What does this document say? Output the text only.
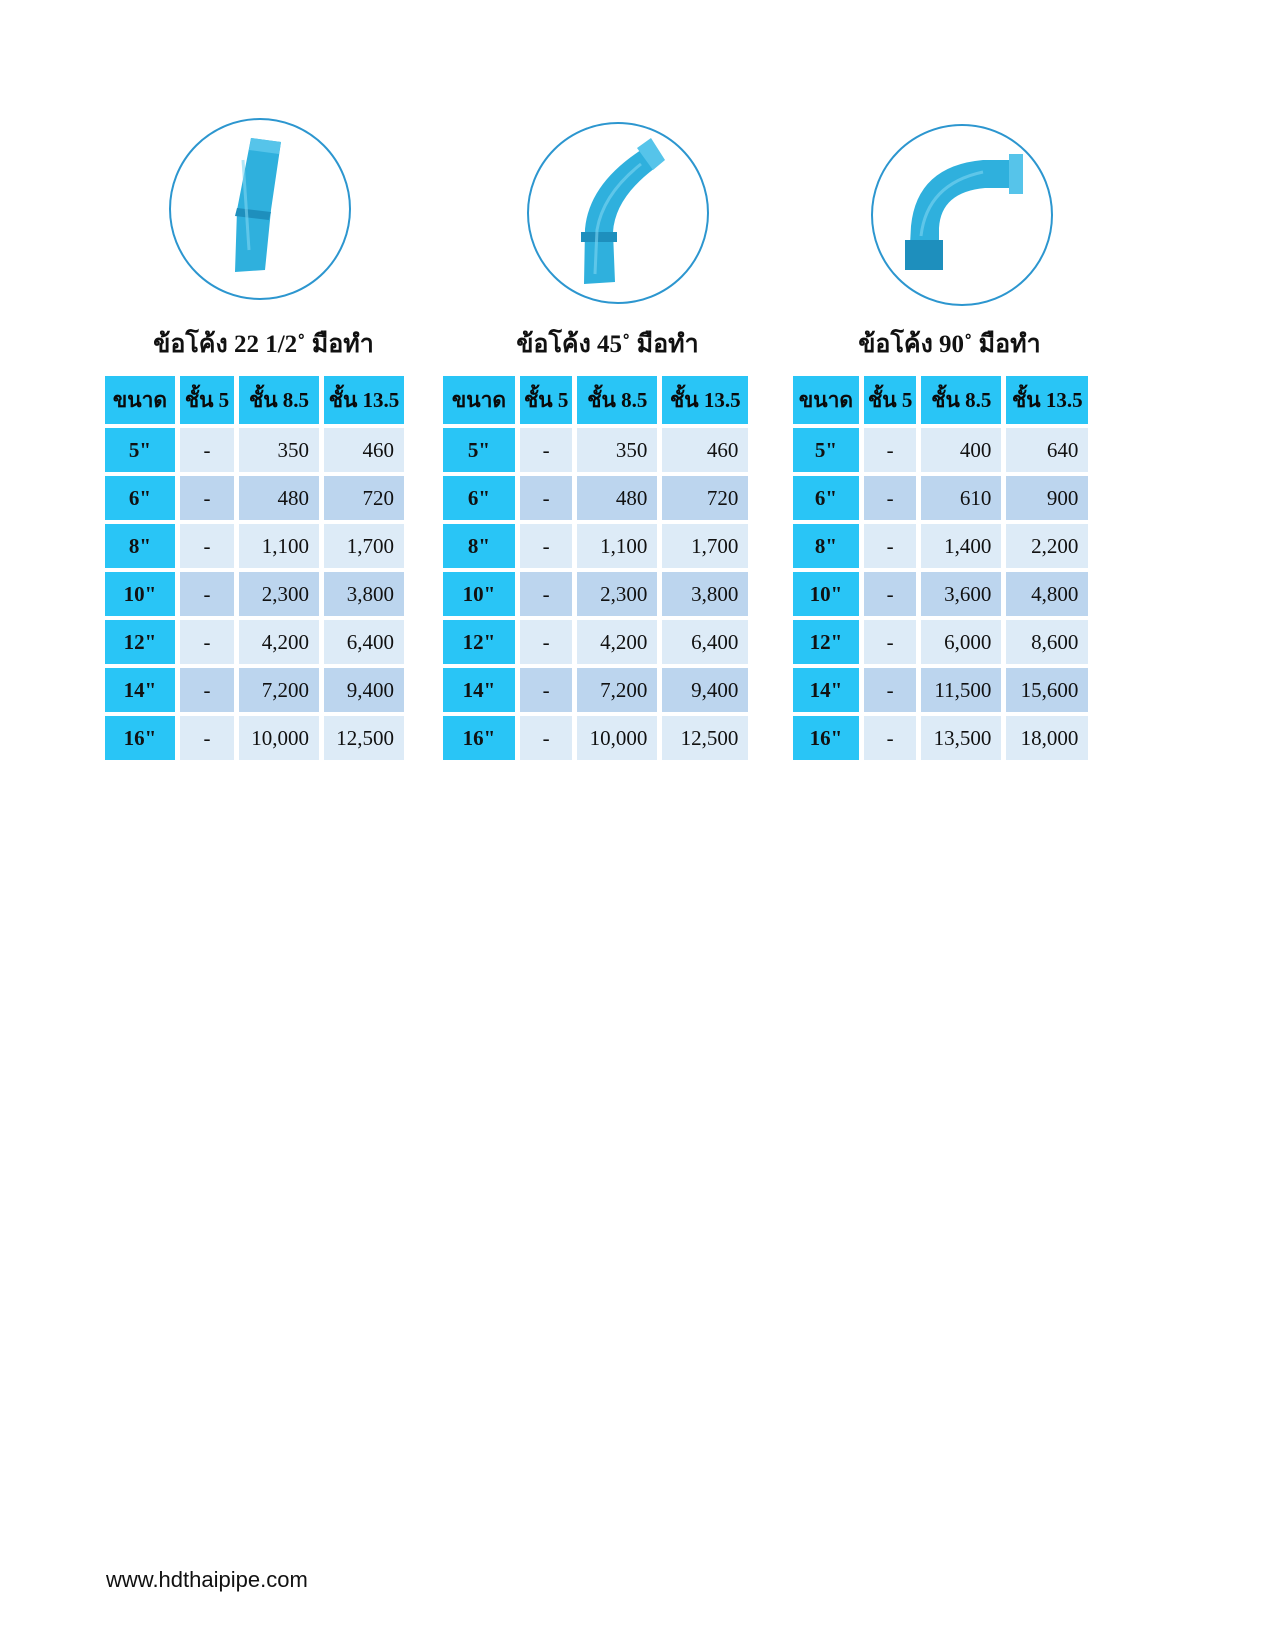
ข้อโค้ง 22 1/2˚ มือทำ
ขนาด	ชั้น 5	ชั้น 8.5	ชั้น 13.5
5"	-	350	460
6"	-	480	720
8"	-	1,100	1,700
10"	-	2,300	3,800
12"	-	4,200	6,400
14"	-	7,200	9,400
16"	-	10,000	12,500
ข้อโค้ง 45˚ มือทำ
ขนาด	ชั้น 5	ชั้น 8.5	ชั้น 13.5
5"	-	350	460
6"	-	480	720
8"	-	1,100	1,700
10"	-	2,300	3,800
12"	-	4,200	6,400
14"	-	7,200	9,400
16"	-	10,000	12,500
ข้อโค้ง 90˚ มือทำ
ขนาด	ชั้น 5	ชั้น 8.5	ชั้น 13.5
5"	-	400	640
6"	-	610	900
8"	-	1,400	2,200
10"	-	3,600	4,800
12"	-	6,000	8,600
14"	-	11,500	15,600
16"	-	13,500	18,000
www.hdthaipipe.com
